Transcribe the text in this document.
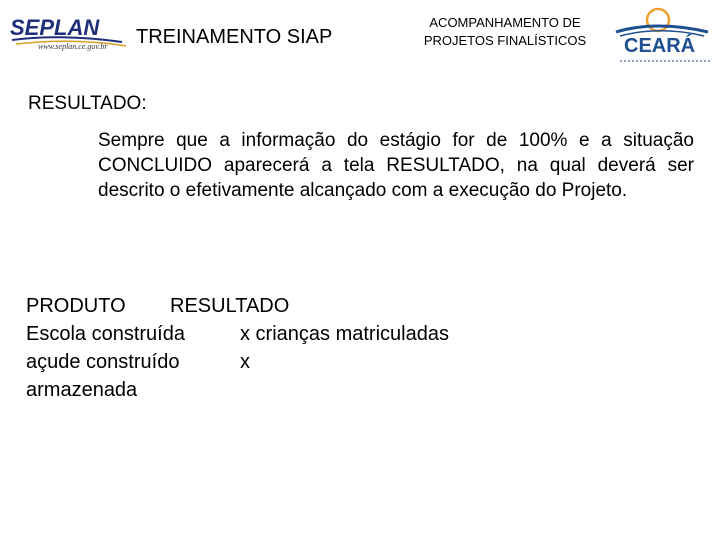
SEPLAN
www.seplan.ce.gov.br TREINAMENTO SIAP
ACOMPANHAMENTO DE
PROJETOS FINALÍSTICOS	CEARÁ
RESULTADO:
Sempre que a informação do estágio for de 100% e a situação CONCLUIDO aparecerá a tela RESULTADO, na qual deverá ser descrito o efetivamente alcançado com a execução do Projeto.
PRODUTO RESULTADO
Escola construída	x crianças matriculadas
açude construído	x
armazenada
